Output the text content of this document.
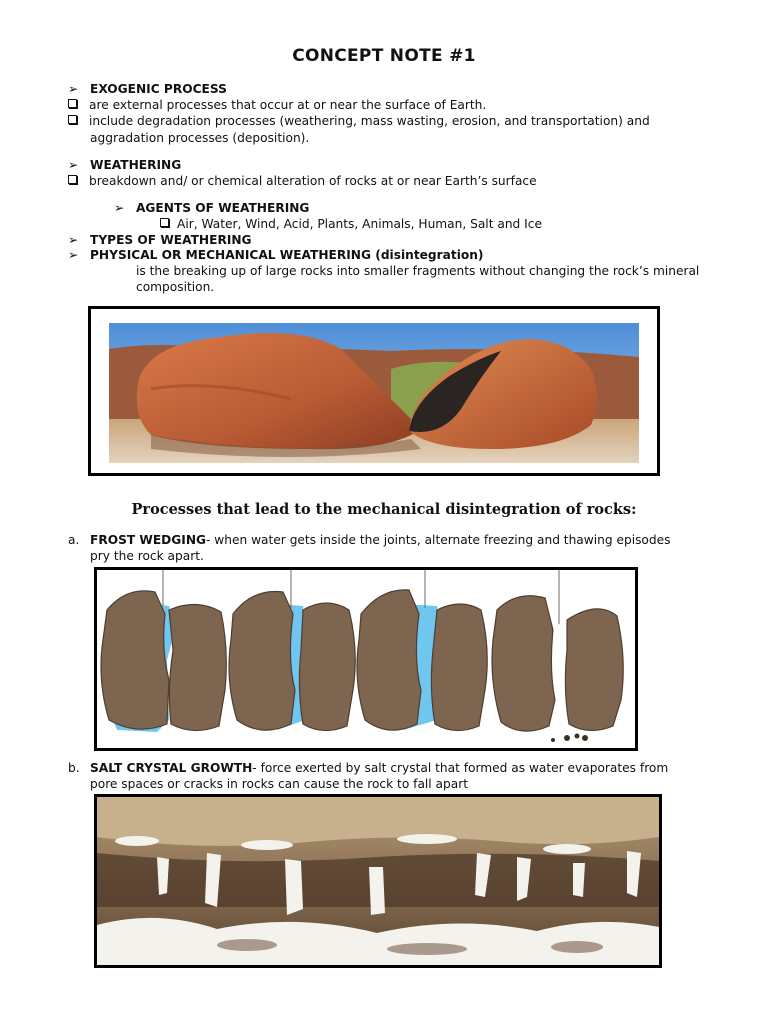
CONCEPT NOTE #1
➢ EXOGENIC PROCESS
are external processes that occur at or near the surface of Earth.
include degradation processes (weathering, mass wasting, erosion, and transportation) and
aggradation processes (deposition).
➢ WEATHERING
breakdown and/ or chemical alteration of rocks at or near Earth’s surface
➢ AGENTS OF WEATHERING
Air, Water, Wind, Acid, Plants, Animals, Human, Salt and Ice
➢ TYPES OF WEATHERING
➢ PHYSICAL OR MECHANICAL WEATHERING (disintegration)
is the breaking up of large rocks into smaller fragments without changing the rock’s mineral
composition.
Processes that lead to the mechanical disintegration of rocks:
a. FROST WEDGING- when water gets inside the joints, alternate freezing and thawing episodes
pry the rock apart.
b. SALT CRYSTAL GROWTH- force exerted by salt crystal that formed as water evaporates from
pore spaces or cracks in rocks can cause the rock to fall apart
